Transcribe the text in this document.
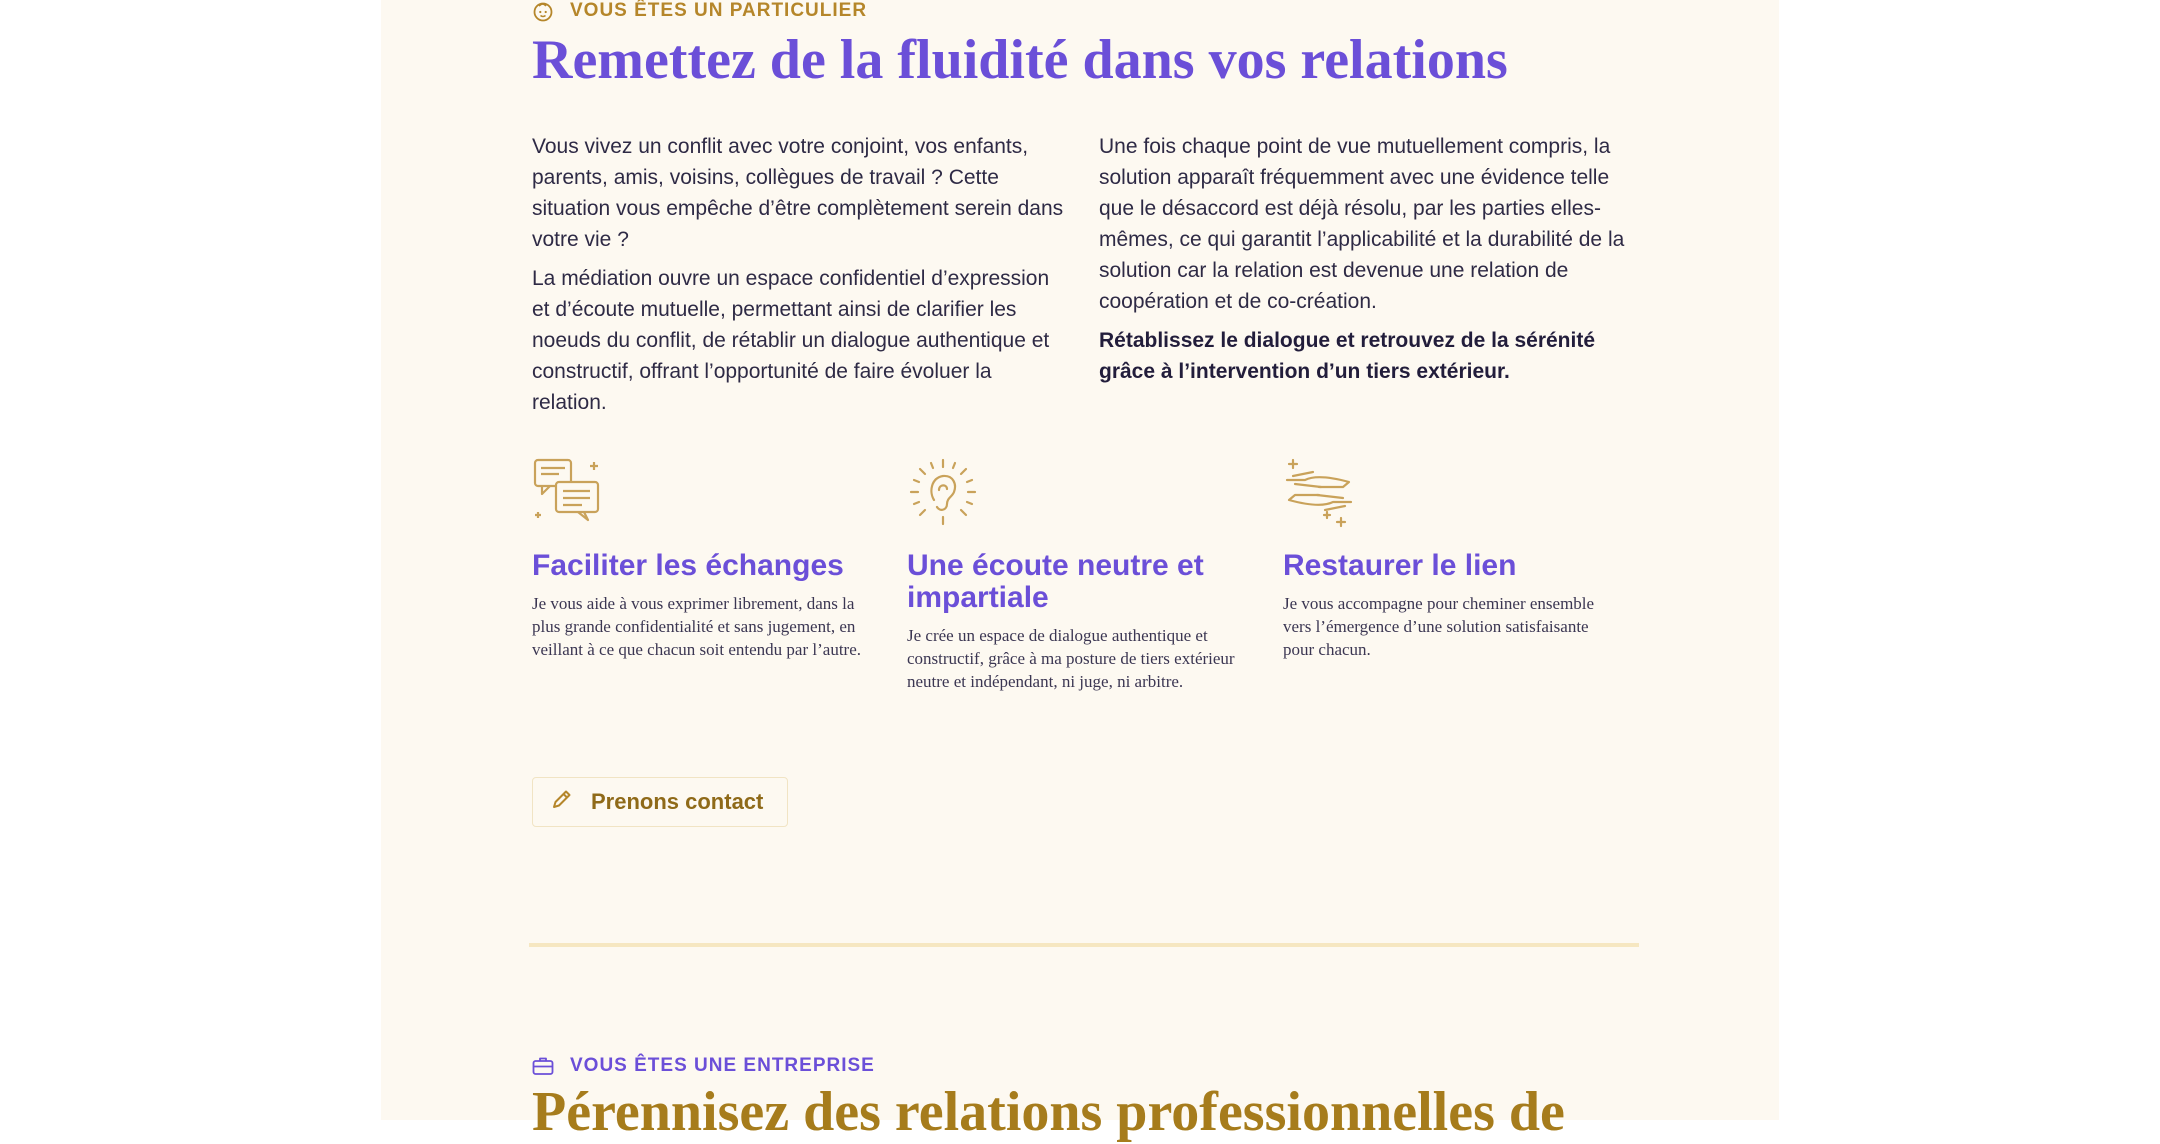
VOUS ÊTES UN PARTICULIER
Remettez de la fluidité dans vos relations

Vous vivez un conflit avec votre conjoint, vos enfants, parents, amis, voisins, collègues de travail ? Cette situation vous empêche d’être complètement serein dans votre vie ?

La médiation ouvre un espace confidentiel d’expression et d’écoute mutuelle, permettant ainsi de clarifier les noeuds du conflit, de rétablir un dialogue authentique et constructif, offrant l’opportunité de faire évoluer la relation.

Une fois chaque point de vue mutuellement compris, la solution apparaît fréquemment avec une évidence telle que le désaccord est déjà résolu, par les parties elles-mêmes, ce qui garantit l’applicabilité et la durabilité de la solution car la relation est devenue une relation de coopération et de co-création.

Rétablissez le dialogue et retrouvez de la sérénité grâce à l’intervention d’un tiers extérieur.

Faciliter les échanges

Je vous aide à vous exprimer librement, dans la plus grande confidentialité et sans jugement, en veillant à ce que chacun soit entendu par l’autre.

Une écoute neutre et impartiale

Je crée un espace de dialogue authentique et constructif, grâce à ma posture de tiers extérieur neutre et indépendant, ni juge, ni arbitre.

Restaurer le lien

Je vous accompagne pour cheminer ensemble vers l’émergence d’une solution satisfaisante pour chacun.

Prenons contact
VOUS ÊTES UNE ENTREPRISE
Pérennisez des relations professionnelles de
